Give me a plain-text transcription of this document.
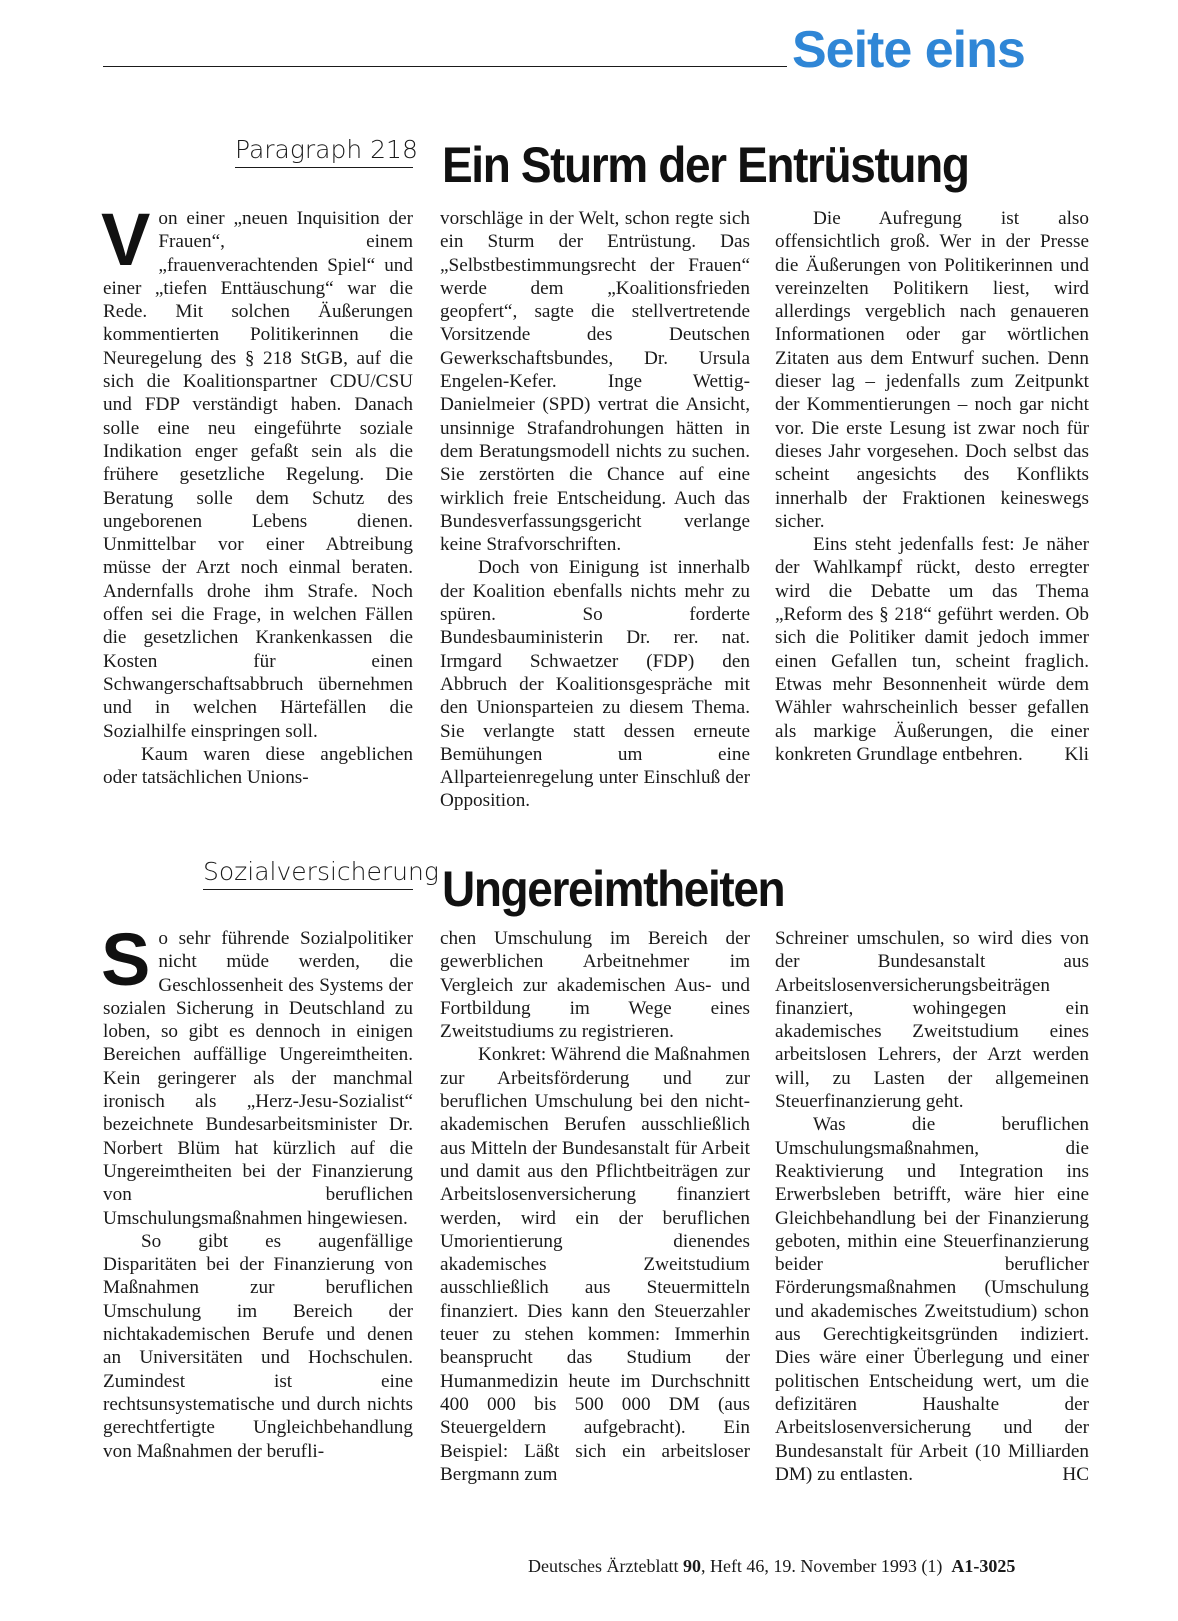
Seite eins
Paragraph 218 Ein Sturm der Entrüstung
V on einer „neuen Inquisition der Frauen“, einem „frauenverachtenden Spiel“ und einer „tiefen Enttäuschung“ war die Rede. Mit solchen Äußerungen kommentierten Politikerinnen die Neuregelung des § 218 StGB, auf die sich die Koalitionspartner CDU/CSU und FDP verständigt haben. Danach solle eine neu eingeführte soziale Indikation enger gefaßt sein als die frühere gesetzliche Regelung. Die Beratung solle dem Schutz des ungeborenen Lebens dienen. Unmittelbar vor einer Abtreibung müsse der Arzt noch einmal beraten. Andernfalls drohe ihm Strafe. Noch offen sei die Frage, in welchen Fällen die gesetzlichen Krankenkassen die Kosten für einen Schwangerschaftsabbruch übernehmen und in welchen Härtefällen die Sozialhilfe einspringen soll.

Kaum waren diese angeblichen oder tatsächlichen Unions-

vorschläge in der Welt, schon regte sich ein Sturm der Entrüstung. Das „Selbstbestimmungsrecht der Frauen“ werde dem „Koalitionsfrieden geopfert“, sagte die stellvertretende Vorsitzende des Deutschen Gewerkschaftsbundes, Dr. Ursula Engelen-Kefer. Inge Wettig-Danielmeier (SPD) vertrat die Ansicht, unsinnige Strafandrohungen hätten in dem Beratungsmodell nichts zu suchen. Sie zerstörten die Chance auf eine wirklich freie Entscheidung. Auch das Bundesverfassungsgericht verlange keine Strafvorschriften.

Doch von Einigung ist innerhalb der Koalition ebenfalls nichts mehr zu spüren. So forderte Bundesbauministerin Dr. rer. nat. Irmgard Schwaetzer (FDP) den Abbruch der Koalitionsgespräche mit den Unionsparteien zu diesem Thema. Sie verlangte statt dessen erneute Bemühungen um eine Allparteienregelung unter Einschluß der Opposition.

Die Aufregung ist also offensichtlich groß. Wer in der Presse die Äußerungen von Politikerinnen und vereinzelten Politikern liest, wird allerdings vergeblich nach genaueren Informationen oder gar wörtlichen Zitaten aus dem Entwurf suchen. Denn dieser lag – jedenfalls zum Zeitpunkt der Kommentierungen – noch gar nicht vor. Die erste Lesung ist zwar noch für dieses Jahr vorgesehen. Doch selbst das scheint angesichts des Konflikts innerhalb der Fraktionen keineswegs sicher.

Eins steht jedenfalls fest: Je näher der Wahlkampf rückt, desto erregter wird die Debatte um das Thema „Reform des § 218“ geführt werden. Ob sich die Politiker damit jedoch immer einen Gefallen tun, scheint fraglich. Etwas mehr Besonnenheit würde dem Wähler wahrscheinlich besser gefallen als markige Äußerungen, die einer konkreten Grundlage entbehren.	Kli

Sozialversicherung Ungereimtheiten
S o sehr führende Sozialpolitiker nicht müde werden, die Geschlossenheit des Systems der sozialen Sicherung in Deutschland zu loben, so gibt es dennoch in einigen Bereichen auffällige Ungereimtheiten. Kein geringerer als der manchmal ironisch als „Herz-Jesu-Sozialist“ bezeichnete Bundesarbeitsminister Dr. Norbert Blüm hat kürzlich auf die Ungereimtheiten bei der Finanzierung von beruflichen Umschulungsmaßnahmen hingewiesen.

So gibt es augenfällige Disparitäten bei der Finanzierung von Maßnahmen zur beruflichen Umschulung im Bereich der nichtakademischen Berufe und denen an Universitäten und Hochschulen. Zumindest ist eine rechtsunsystematische und durch nichts gerechtfertigte Ungleichbehandlung von Maßnahmen der berufli-

chen Umschulung im Bereich der gewerblichen Arbeitnehmer im Vergleich zur akademischen Aus- und Fortbildung im Wege eines Zweitstudiums zu registrieren.

Konkret: Während die Maßnahmen zur Arbeitsförderung und zur beruflichen Umschulung bei den nicht-akademischen Berufen ausschließlich aus Mitteln der Bundesanstalt für Arbeit und damit aus den Pflichtbeiträgen zur Arbeitslosenversicherung finanziert werden, wird ein der beruflichen Umorientierung dienendes akademisches Zweitstudium ausschließlich aus Steuermitteln finanziert. Dies kann den Steuerzahler teuer zu stehen kommen: Immerhin beansprucht das Studium der Humanmedizin heute im Durchschnitt 400 000 bis 500 000 DM (aus Steuergeldern aufgebracht). Ein Beispiel: Läßt sich ein arbeitsloser Bergmann zum

Schreiner umschulen, so wird dies von der Bundesanstalt aus Arbeitslosenversicherungsbeiträgen finanziert, wohingegen ein akademisches Zweitstudium eines arbeitslosen Lehrers, der Arzt werden will, zu Lasten der allgemeinen Steuerfinanzierung geht.

Was die beruflichen Umschulungsmaßnahmen, die Reaktivierung und Integration ins Erwerbsleben betrifft, wäre hier eine Gleichbehandlung bei der Finanzierung geboten, mithin eine Steuerfinanzierung beider beruflicher Förderungsmaßnahmen (Umschulung und akademisches Zweitstudium) schon aus Gerechtigkeitsgründen indiziert. Dies wäre einer Überlegung und einer politischen Entscheidung wert, um die defizitären Haushalte der Arbeitslosenversicherung und der Bundesanstalt für Arbeit (10 Milliarden DM) zu entlasten.	HC

Deutsches Ärzteblatt 90, Heft 46, 19. November 1993 (1) A1-3025
